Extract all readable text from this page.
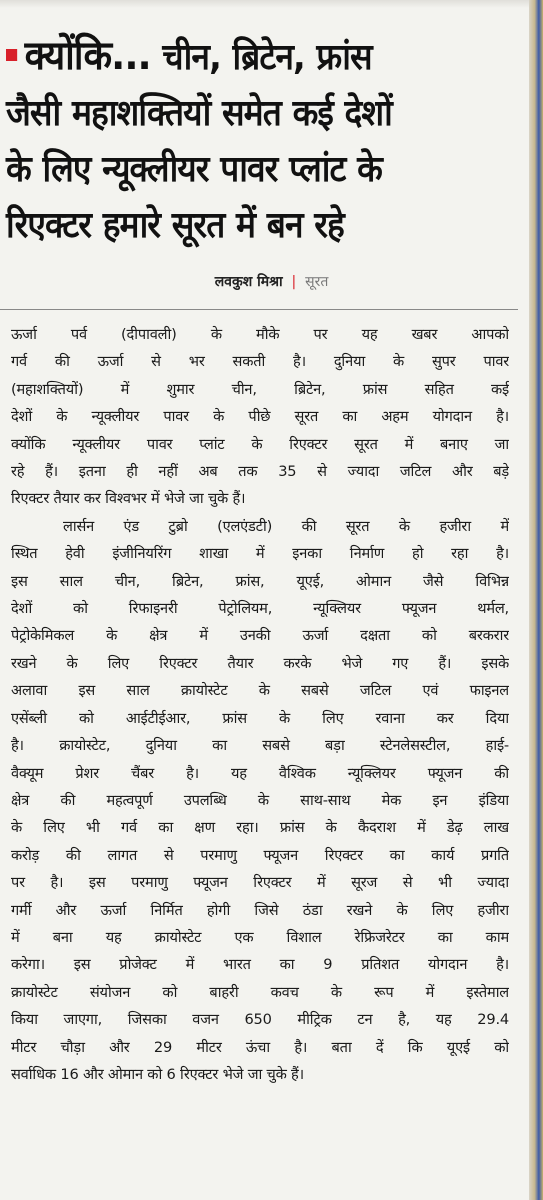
क्योंकि... चीन, ब्रिटेन, फ्रांस
जैसी महाशक्तियों समेत कई देशों
के लिए न्यूक्लीयर पावर प्लांट के
रिएक्टर हमारे सूरत में बन रहे
लवकुश मिश्रा | सूरत
ऊर्जा पर्व (दीपावली) के मौके पर यह खबर आपको
गर्व की ऊर्जा से भर सकती है। दुनिया के सुपर पावर
(महाशक्तियों) में शुमार चीन, ब्रिटेन, फ्रांस सहित कई
देशों के न्यूक्लीयर पावर के पीछे सूरत का अहम योगदान है।
क्योंकि न्यूक्लीयर पावर प्लांट के रिएक्टर सूरत में बनाए जा
रहे हैं। इतना ही नहीं अब तक 35 से ज्यादा जटिल और बड़े
रिएक्टर तैयार कर विश्वभर में भेजे जा चुके हैं।
लार्सन एंड टुब्रो (एलएंडटी) की सूरत के हजीरा में
स्थित हेवी इंजीनियरिंग शाखा में इनका निर्माण हो रहा है।
इस साल चीन, ब्रिटेन, फ्रांस, यूएई, ओमान जैसे विभिन्न
देशों को रिफाइनरी पेट्रोलियम, न्यूक्लियर फ्यूजन थर्मल,
पेट्रोकेमिकल के क्षेत्र में उनकी ऊर्जा दक्षता को बरकरार
रखने के लिए रिएक्टर तैयार करके भेजे गए हैं। इसके
अलावा इस साल क्रायोस्टेट के सबसे जटिल एवं फाइनल
एसेंब्ली को आईटीईआर, फ्रांस के लिए रवाना कर दिया
है। क्रायोस्टेट, दुनिया का सबसे बड़ा स्टेनलेसस्टील, हाई-
वैक्यूम प्रेशर चैंबर है। यह वैश्विक न्यूक्लियर फ्यूजन की
क्षेत्र की महत्वपूर्ण उपलब्धि के साथ-साथ मेक इन इंडिया
के लिए भी गर्व का क्षण रहा। फ्रांस के कैदराश में डेढ़ लाख
करोड़ की लागत से परमाणु फ्यूजन रिएक्टर का कार्य प्रगति
पर है। इस परमाणु फ्यूजन रिएक्टर में सूरज से भी ज्यादा
गर्मी और ऊर्जा निर्मित होगी जिसे ठंडा रखने के लिए हजीरा
में बना यह क्रायोस्टेट एक विशाल रेफ्रिजरेटर का काम
करेगा। इस प्रोजेक्ट में भारत का 9 प्रतिशत योगदान है।
क्रायोस्टेट संयोजन को बाहरी कवच के रूप में इस्तेमाल
किया जाएगा, जिसका वजन 650 मीट्रिक टन है, यह 29.4
मीटर चौड़ा और 29 मीटर ऊंचा है। बता दें कि यूएई को
सर्वाधिक 16 और ओमान को 6 रिएक्टर भेजे जा चुके हैं।
